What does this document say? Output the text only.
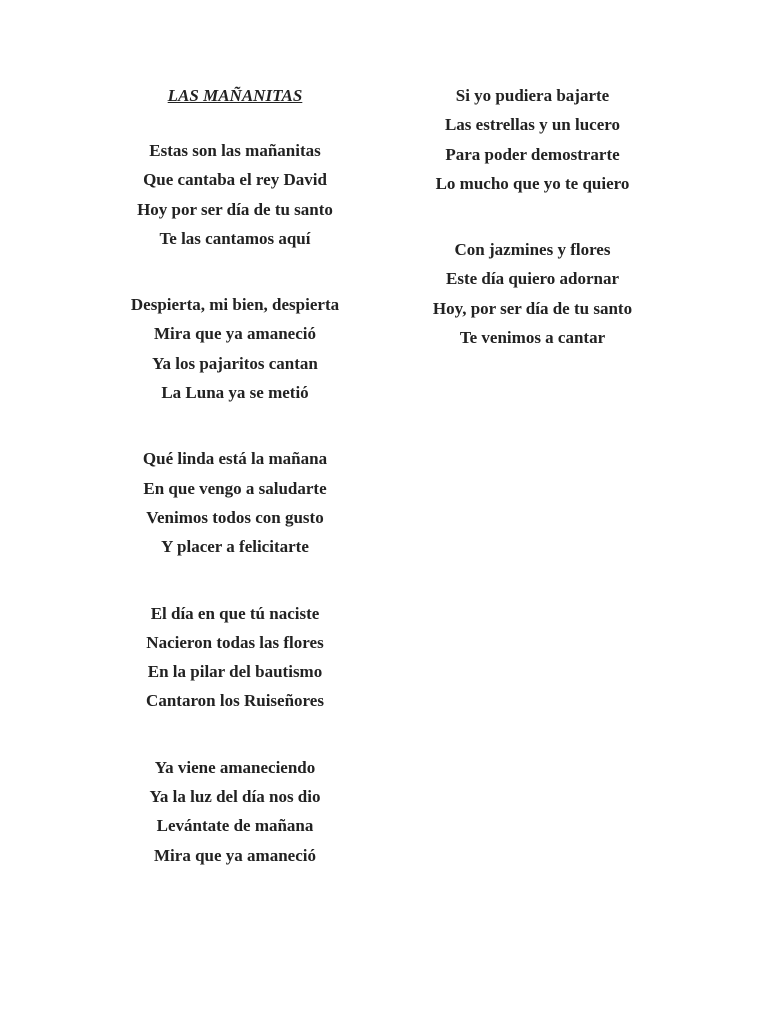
LAS MAÑANITAS
Estas son las mañanitas
Que cantaba el rey David
Hoy por ser día de tu santo
Te las cantamos aquí
Despierta, mi bien, despierta
Mira que ya amaneció
Ya los pajaritos cantan
La Luna ya se metió
Qué linda está la mañana
En que vengo a saludarte
Venimos todos con gusto
Y placer a felicitarte
El día en que tú naciste
Nacieron todas las flores
En la pilar del bautismo
Cantaron los Ruiseñores
Ya viene amaneciendo
Ya la luz del día nos dio
Levántate de mañana
Mira que ya amaneció
Si yo pudiera bajarte
Las estrellas y un lucero
Para poder demostrarte
Lo mucho que yo te quiero
Con jazmines y flores
Este día quiero adornar
Hoy, por ser día de tu santo
Te venimos a cantar
